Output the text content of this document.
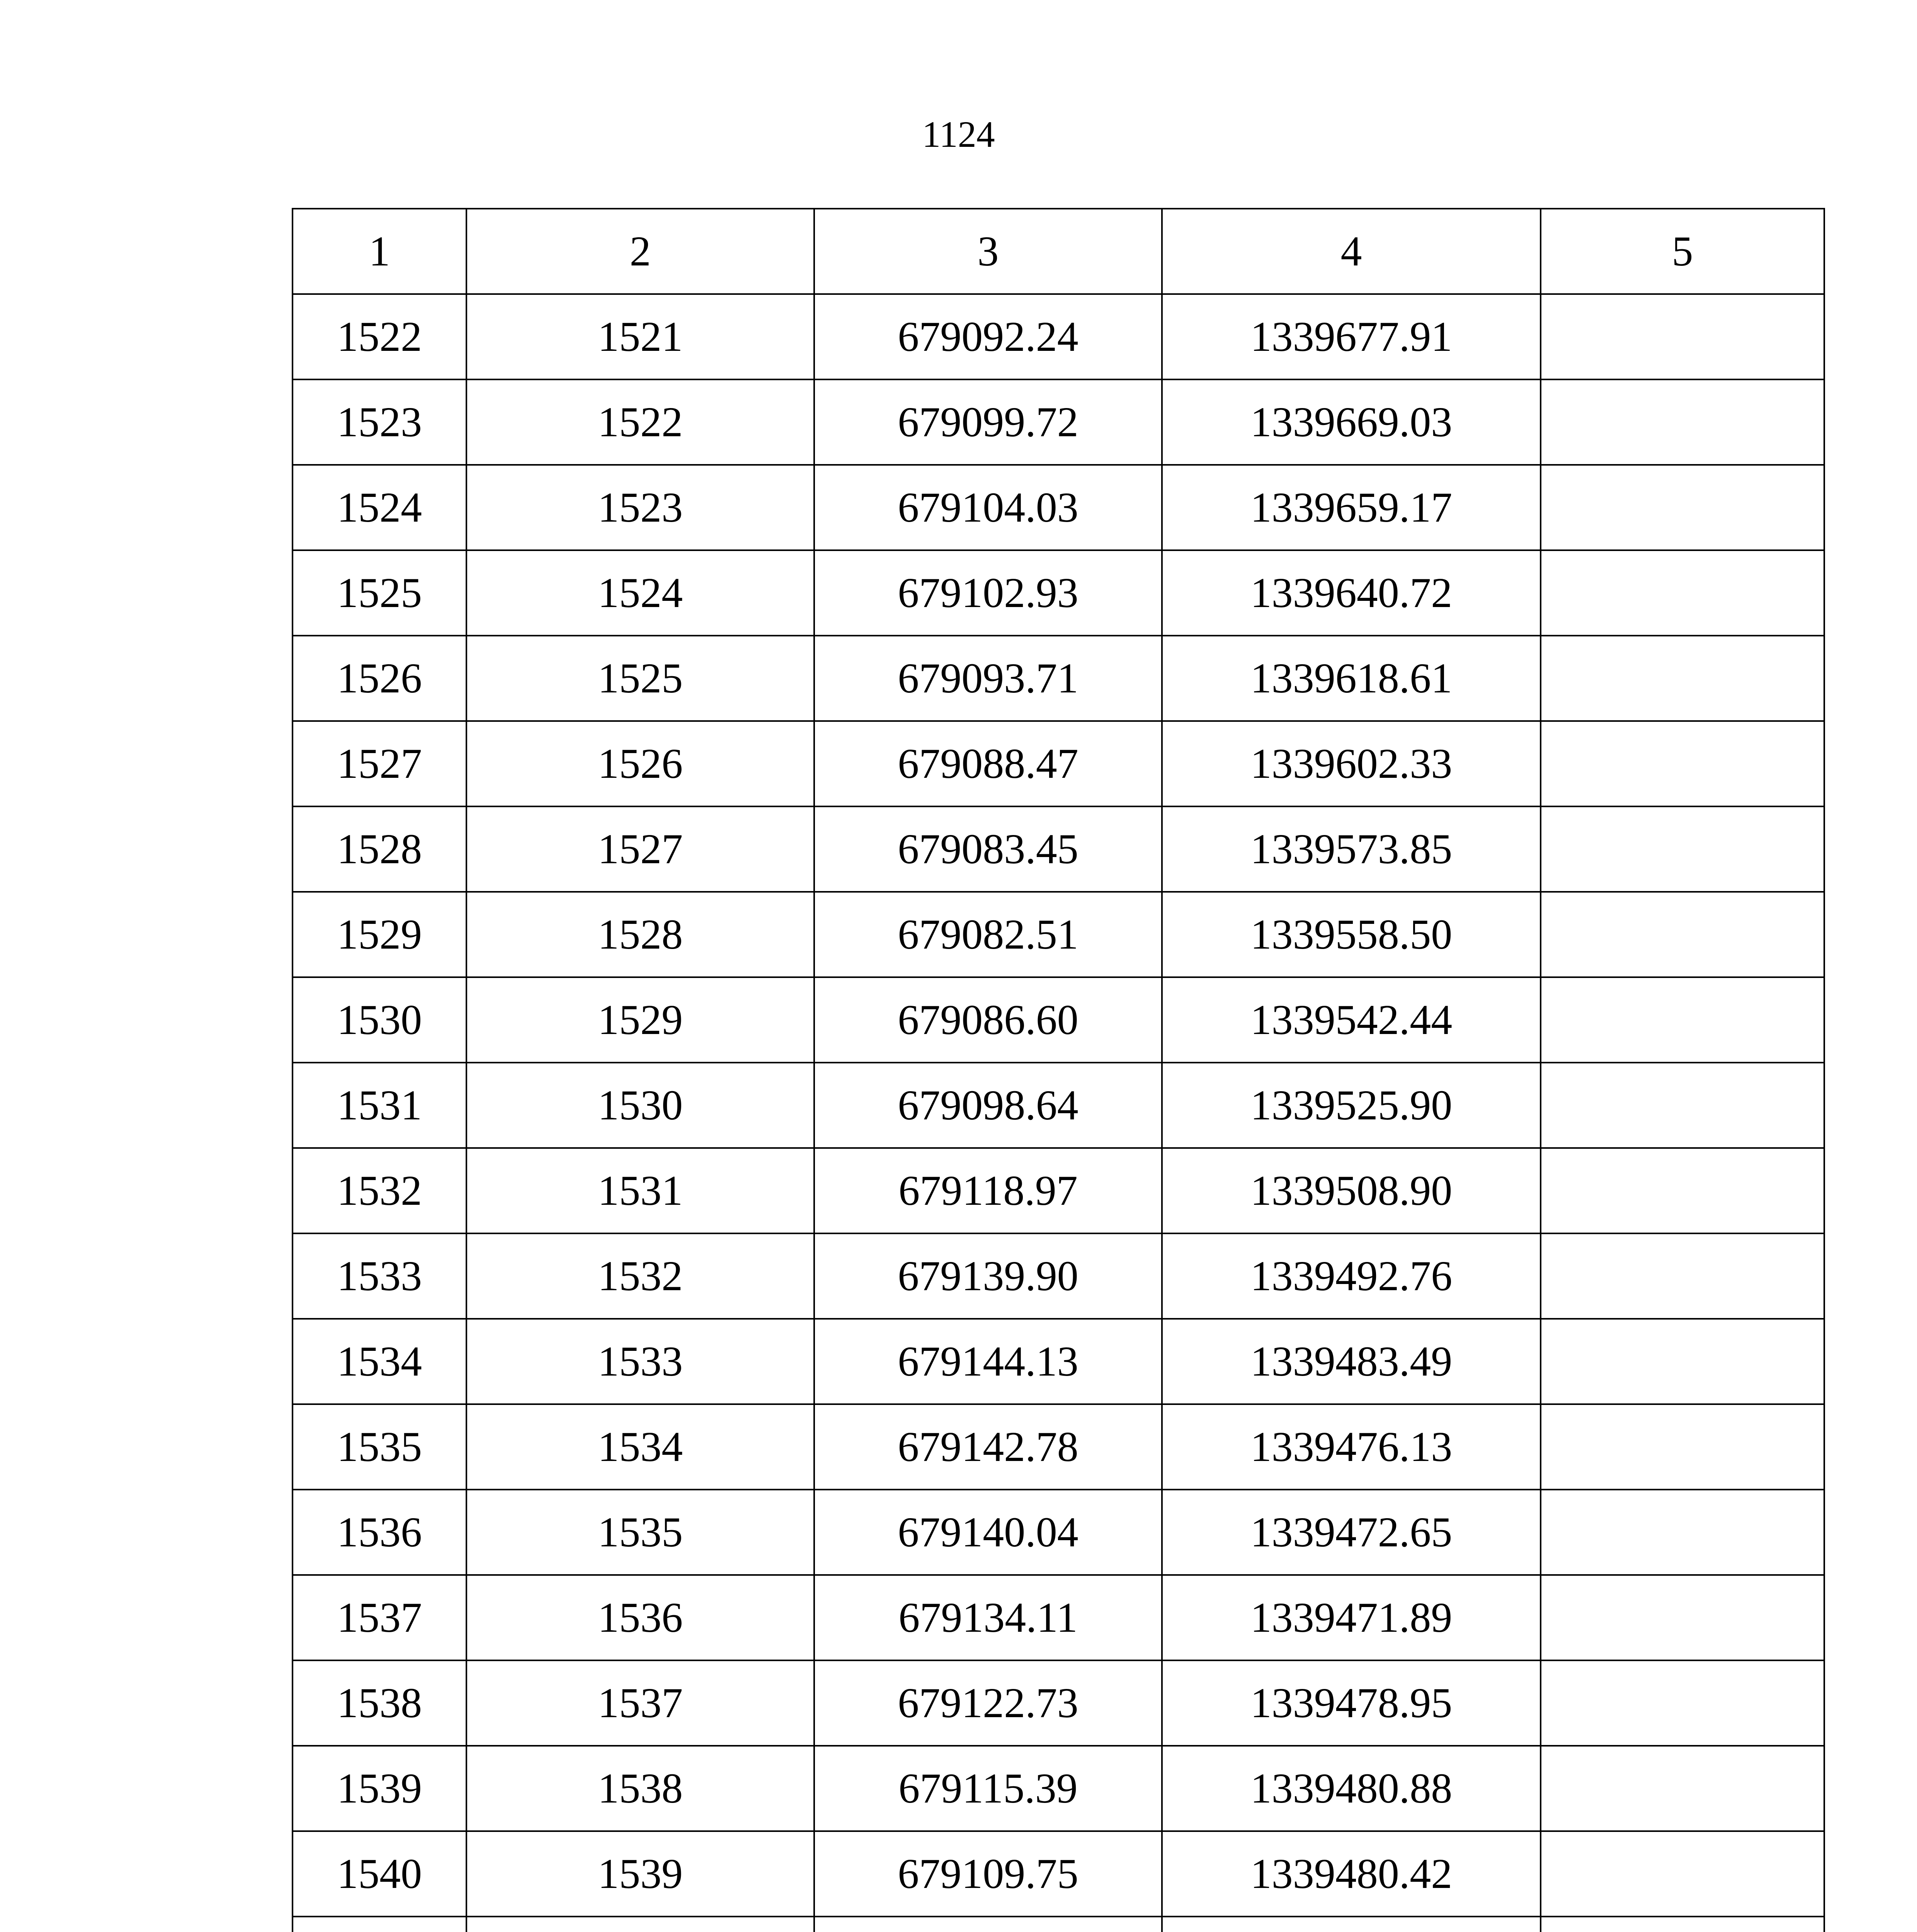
1124
1	2	3	4	5
1522	1521	679092.24	1339677.91	
1523	1522	679099.72	1339669.03	
1524	1523	679104.03	1339659.17	
1525	1524	679102.93	1339640.72	
1526	1525	679093.71	1339618.61	
1527	1526	679088.47	1339602.33	
1528	1527	679083.45	1339573.85	
1529	1528	679082.51	1339558.50	
1530	1529	679086.60	1339542.44	
1531	1530	679098.64	1339525.90	
1532	1531	679118.97	1339508.90	
1533	1532	679139.90	1339492.76	
1534	1533	679144.13	1339483.49	
1535	1534	679142.78	1339476.13	
1536	1535	679140.04	1339472.65	
1537	1536	679134.11	1339471.89	
1538	1537	679122.73	1339478.95	
1539	1538	679115.39	1339480.88	
1540	1539	679109.75	1339480.42	
